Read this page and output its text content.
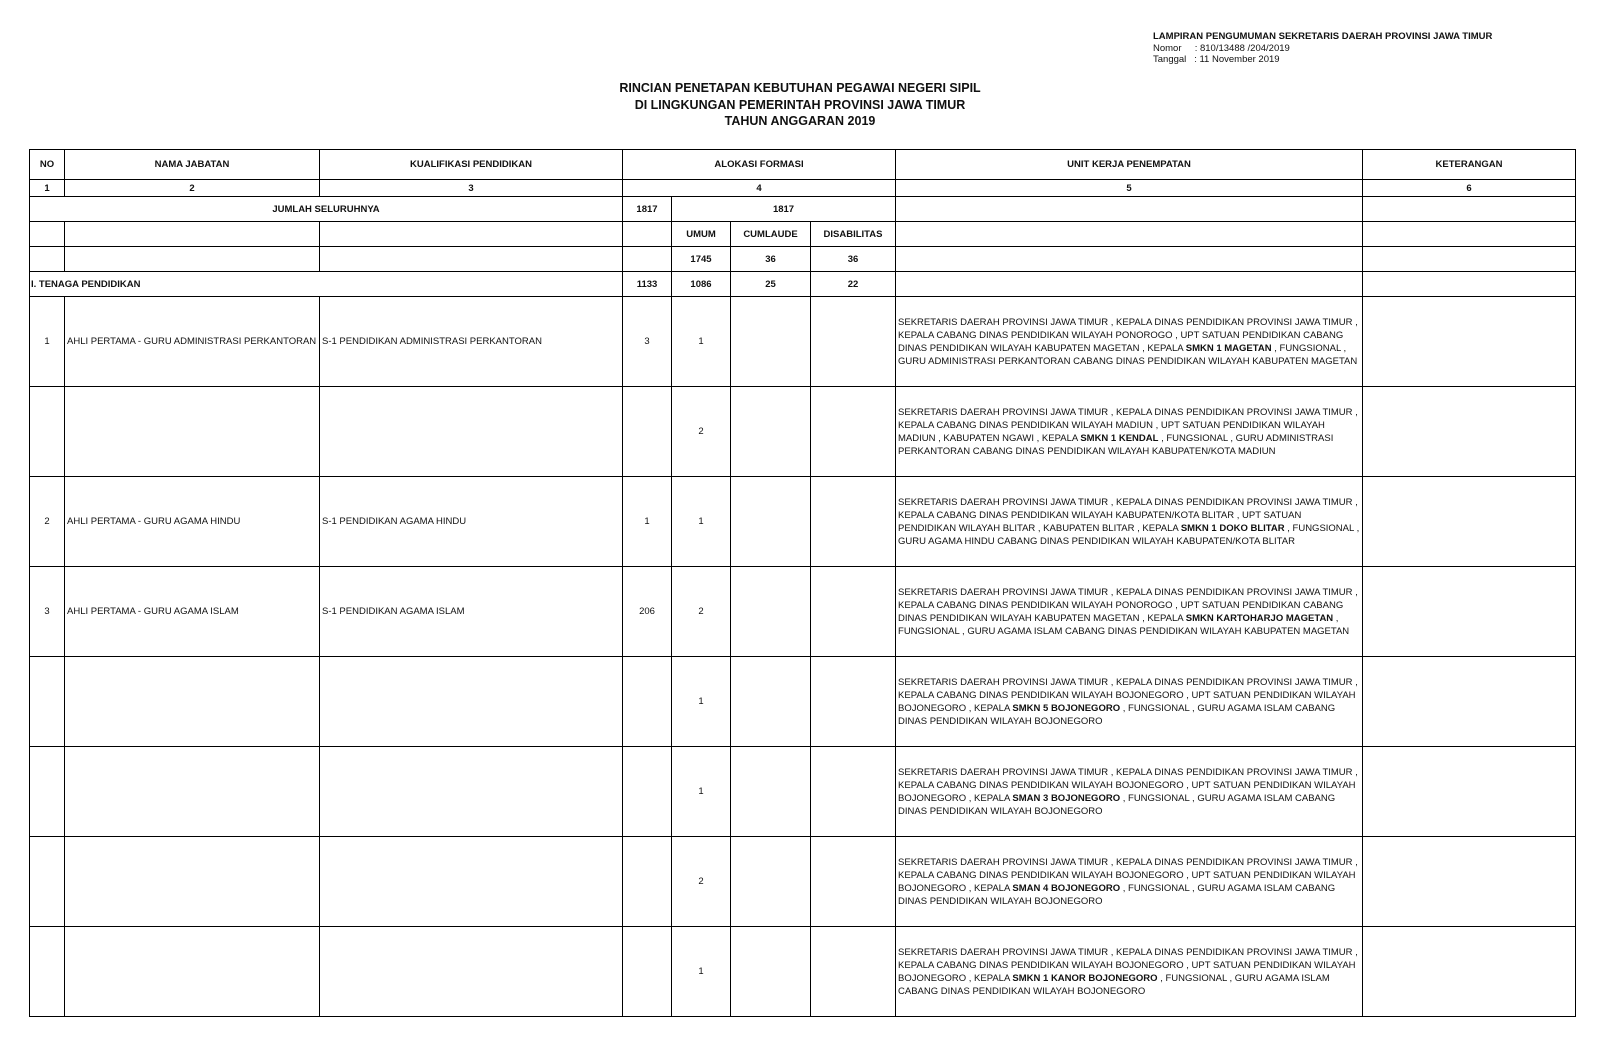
LAMPIRAN PENGUMUMAN SEKRETARIS DAERAH PROVINSI JAWA TIMUR
Nomor     : 810/13488 /204/2019
Tanggal   : 11 November 2019
RINCIAN PENETAPAN KEBUTUHAN PEGAWAI NEGERI SIPIL
DI LINGKUNGAN PEMERINTAH PROVINSI JAWA TIMUR
TAHUN ANGGARAN 2019
NO	NAMA JABATAN	KUALIFIKASI PENDIDIKAN	ALOKASI FORMASI				UNIT KERJA PENEMPATAN	KETERANGAN
1	2	3	4				5	6
JUMLAH SELURUHNYA			1817	1817				
				UMUM	CUMLAUDE	DISABILITAS		
				1745	36	36		
I. TENAGA PENDIDIKAN			1133	1086	25	22		
1	AHLI PERTAMA - GURU ADMINISTRASI PERKANTORAN	S-1 PENDIDIKAN ADMINISTRASI PERKANTORAN	3	1			SEKRETARIS DAERAH PROVINSI JAWA TIMUR , KEPALA DINAS PENDIDIKAN PROVINSI JAWA TIMUR , KEPALA CABANG DINAS PENDIDIKAN WILAYAH PONOROGO , UPT SATUAN PENDIDIKAN CABANG DINAS PENDIDIKAN WILAYAH KABUPATEN MAGETAN , KEPALA SMKN 1 MAGETAN , FUNGSIONAL , GURU ADMINISTRASI PERKANTORAN CABANG DINAS PENDIDIKAN WILAYAH KABUPATEN MAGETAN	
				2			SEKRETARIS DAERAH PROVINSI JAWA TIMUR , KEPALA DINAS PENDIDIKAN PROVINSI JAWA TIMUR , KEPALA CABANG DINAS PENDIDIKAN WILAYAH MADIUN , UPT SATUAN PENDIDIKAN WILAYAH MADIUN , KABUPATEN NGAWI , KEPALA SMKN 1 KENDAL , FUNGSIONAL , GURU ADMINISTRASI PERKANTORAN CABANG DINAS PENDIDIKAN WILAYAH KABUPATEN/KOTA MADIUN	
2	AHLI PERTAMA - GURU AGAMA HINDU	S-1 PENDIDIKAN AGAMA HINDU	1	1			SEKRETARIS DAERAH PROVINSI JAWA TIMUR , KEPALA DINAS PENDIDIKAN PROVINSI JAWA TIMUR , KEPALA CABANG DINAS PENDIDIKAN WILAYAH KABUPATEN/KOTA BLITAR , UPT SATUAN PENDIDIKAN WILAYAH BLITAR , KABUPATEN BLITAR , KEPALA SMKN 1 DOKO BLITAR , FUNGSIONAL , GURU AGAMA HINDU CABANG DINAS PENDIDIKAN WILAYAH KABUPATEN/KOTA BLITAR	
3	AHLI PERTAMA - GURU AGAMA ISLAM	S-1 PENDIDIKAN AGAMA ISLAM	206	2			SEKRETARIS DAERAH PROVINSI JAWA TIMUR , KEPALA DINAS PENDIDIKAN PROVINSI JAWA TIMUR , KEPALA CABANG DINAS PENDIDIKAN WILAYAH PONOROGO , UPT SATUAN PENDIDIKAN CABANG DINAS PENDIDIKAN WILAYAH KABUPATEN MAGETAN , KEPALA SMKN KARTOHARJO MAGETAN , FUNGSIONAL , GURU AGAMA ISLAM CABANG DINAS PENDIDIKAN WILAYAH KABUPATEN MAGETAN	
				1			SEKRETARIS DAERAH PROVINSI JAWA TIMUR , KEPALA DINAS PENDIDIKAN PROVINSI JAWA TIMUR , KEPALA CABANG DINAS PENDIDIKAN WILAYAH BOJONEGORO , UPT SATUAN PENDIDIKAN WILAYAH BOJONEGORO , KEPALA SMKN 5 BOJONEGORO , FUNGSIONAL , GURU AGAMA ISLAM CABANG DINAS PENDIDIKAN WILAYAH BOJONEGORO	
				1			SEKRETARIS DAERAH PROVINSI JAWA TIMUR , KEPALA DINAS PENDIDIKAN PROVINSI JAWA TIMUR , KEPALA CABANG DINAS PENDIDIKAN WILAYAH BOJONEGORO , UPT SATUAN PENDIDIKAN WILAYAH BOJONEGORO , KEPALA SMAN 3 BOJONEGORO , FUNGSIONAL , GURU AGAMA ISLAM CABANG DINAS PENDIDIKAN WILAYAH BOJONEGORO	
				2			SEKRETARIS DAERAH PROVINSI JAWA TIMUR , KEPALA DINAS PENDIDIKAN PROVINSI JAWA TIMUR , KEPALA CABANG DINAS PENDIDIKAN WILAYAH BOJONEGORO , UPT SATUAN PENDIDIKAN WILAYAH BOJONEGORO , KEPALA SMAN 4 BOJONEGORO , FUNGSIONAL , GURU AGAMA ISLAM CABANG DINAS PENDIDIKAN WILAYAH BOJONEGORO	
				1			SEKRETARIS DAERAH PROVINSI JAWA TIMUR , KEPALA DINAS PENDIDIKAN PROVINSI JAWA TIMUR , KEPALA CABANG DINAS PENDIDIKAN WILAYAH BOJONEGORO , UPT SATUAN PENDIDIKAN WILAYAH BOJONEGORO , KEPALA SMKN 1 KANOR BOJONEGORO , FUNGSIONAL , GURU AGAMA ISLAM CABANG DINAS PENDIDIKAN WILAYAH BOJONEGORO	
